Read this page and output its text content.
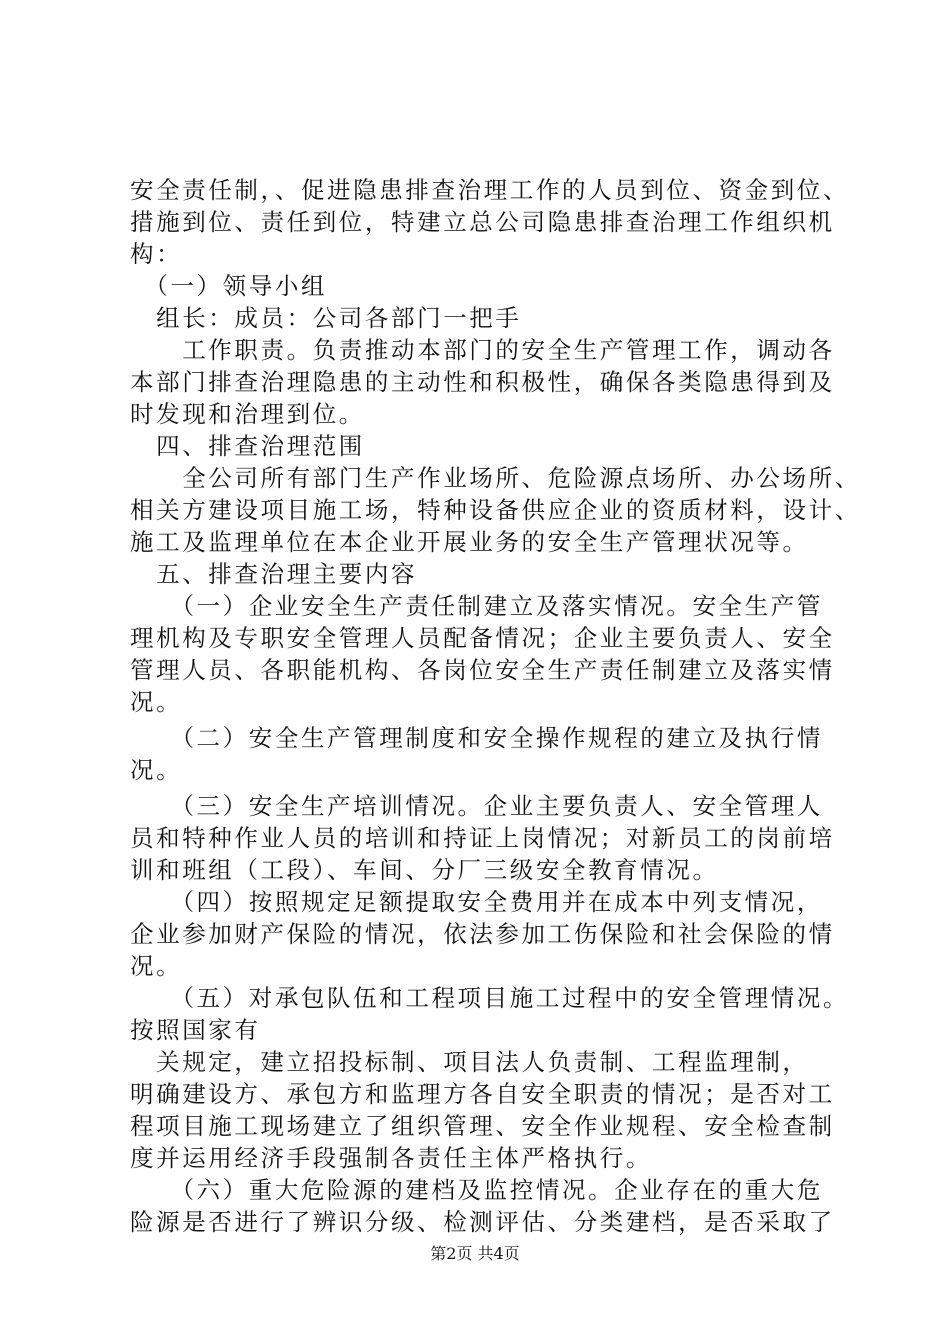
安全责任制，、促进隐患排查治理工作的人员到位、资金到位、
措施到位、责任到位，特建立总公司隐患排查治理工作组织机
构：
　（一）领导小组
　组长：成员：公司各部门一把手
　　工作职责。负责推动本部门的安全生产管理工作，调动各
本部门排查治理隐患的主动性和积极性，确保各类隐患得到及
时发现和治理到位。
　四、排查治理范围
　　全公司所有部门生产作业场所、危险源点场所、办公场所、
相关方建设项目施工场，特种设备供应企业的资质材料，设计、
施工及监理单位在本企业开展业务的安全生产管理状况等。
　五、排查治理主要内容
　　（一）企业安全生产责任制建立及落实情况。安全生产管
理机构及专职安全管理人员配备情况；企业主要负责人、安全
管理人员、各职能机构、各岗位安全生产责任制建立及落实情
况。
　　（二）安全生产管理制度和安全操作规程的建立及执行情
况。
　　（三）安全生产培训情况。企业主要负责人、安全管理人
员和特种作业人员的培训和持证上岗情况；对新员工的岗前培
训和班组（工段）、车间、分厂三级安全教育情况。
　　（四）按照规定足额提取安全费用并在成本中列支情况，
企业参加财产保险的情况，依法参加工伤保险和社会保险的情
况。
　　（五）对承包队伍和工程项目施工过程中的安全管理情况。
按照国家有
　关规定，建立招投标制、项目法人负责制、工程监理制，
明确建设方、承包方和监理方各自安全职责的情况；是否对工
程项目施工现场建立了组织管理、安全作业规程、安全检查制
度并运用经济手段强制各责任主体严格执行。
　　（六）重大危险源的建档及监控情况。企业存在的重大危
险源是否进行了辨识分级、检测评估、分类建档，是否采取了
第2页 共4页
